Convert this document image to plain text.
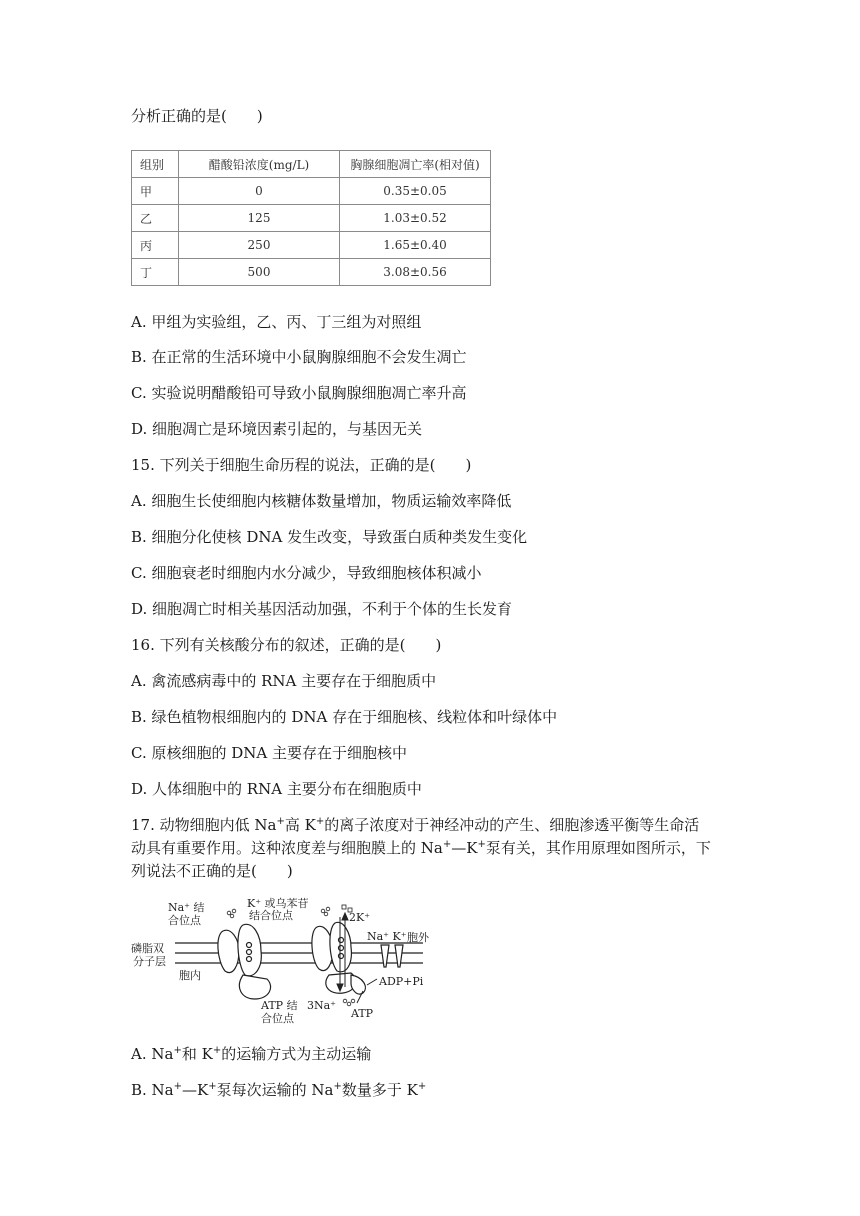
分析正确的是(　　)
组别	醋酸铅浓度(mg/L)	胸腺细胞凋亡率(相对值)
甲	0	0.35±0.05
乙	125	1.03±0.52
丙	250	1.65±0.40
丁	500	3.08±0.56
A. 甲组为实验组，乙、丙、丁三组为对照组
B. 在正常的生活环境中小鼠胸腺细胞不会发生凋亡
C. 实验说明醋酸铅可导致小鼠胸腺细胞凋亡率升高
D. 细胞凋亡是环境因素引起的，与基因无关
15. 下列关于细胞生命历程的说法，正确的是(　　)
A. 细胞生长使细胞内核糖体数量增加，物质运输效率降低
B. 细胞分化使核 DNA 发生改变，导致蛋白质种类发生变化
C. 细胞衰老时细胞内水分减少，导致细胞核体积减小
D. 细胞凋亡时相关基因活动加强，不利于个体的生长发育
16. 下列有关核酸分布的叙述，正确的是(　　)
A. 禽流感病毒中的 RNA 主要存在于细胞质中
B. 绿色植物根细胞内的 DNA 存在于细胞核、线粒体和叶绿体中
C. 原核细胞的 DNA 主要存在于细胞核中
D. 人体细胞中的 RNA 主要分布在细胞质中
17. 动物细胞内低 Na+高 K+的离子浓度对于神经冲动的产生、细胞渗透平衡等生命活
动具有重要作用。这种浓度差与细胞膜上的 Na+—K+泵有关，其作用原理如图所示，下
列说法不正确的是(　　)
Na⁺ 结
合位点
K⁺ 或乌苯苷
结合位点	2K⁺
Na⁺ K⁺ 胞外
磷脂双
分子层
胞内	ADP+Pi
ATP 结
合位点
3Na⁺
ATP
A. Na+和 K+的运输方式为主动运输
B. Na+—K+泵每次运输的 Na+数量多于 K+
